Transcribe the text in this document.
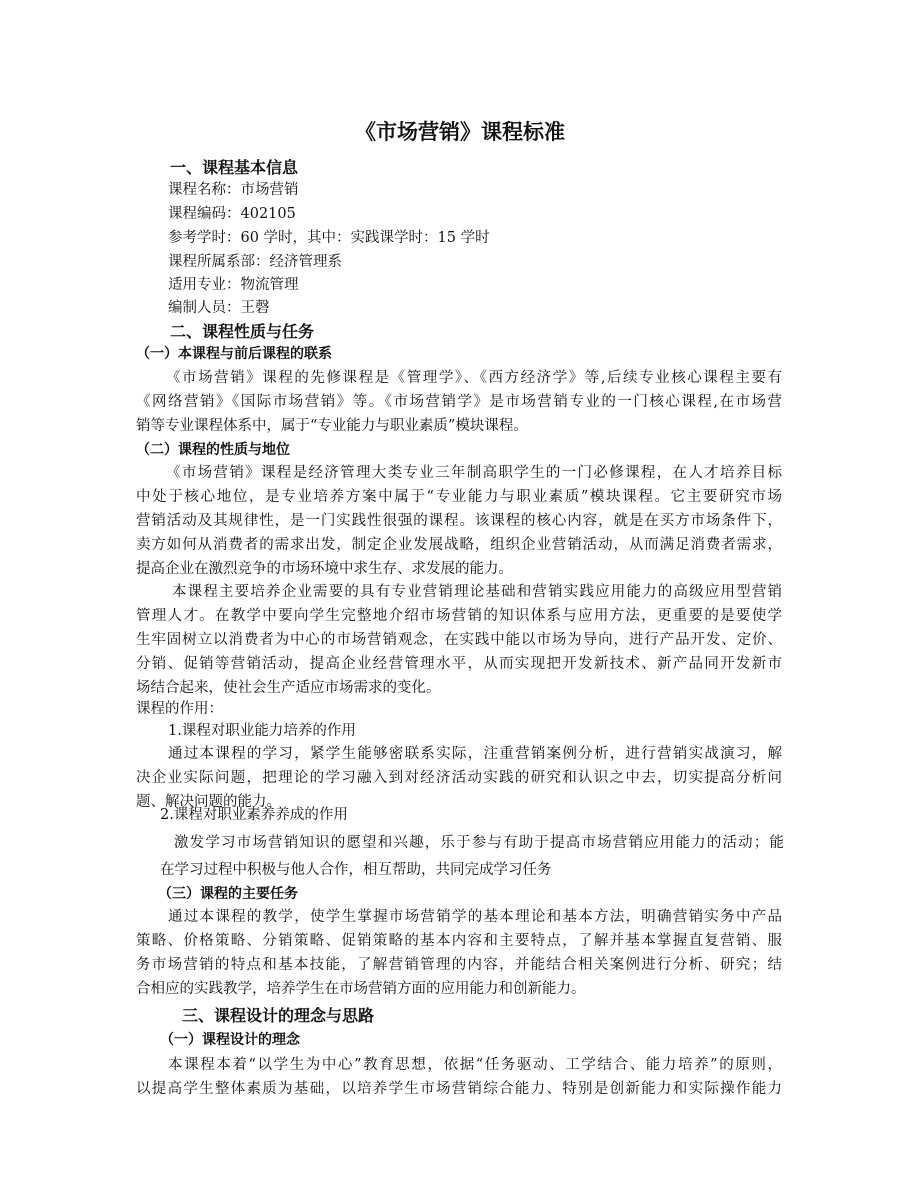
《市场营销》课程标准
一、课程基本信息
课程名称：市场营销
课程编码：402105
参考学时：60 学时，其中：实践课学时：15 学时
课程所属系部：经济管理系
适用专业：物流管理
编制人员：王磬
二、课程性质与任务
（一）本课程与前后课程的联系
《市场营销》课程的先修课程是《管理学》、《西方经济学》等,后续专业核心课程主要有
《网络营销》《国际市场营销》等。《市场营销学》是市场营销专业的一门核心课程,在市场营
销等专业课程体系中，属于“专业能力与职业素质”模块课程。
（二）课程的性质与地位
《市场营销》课程是经济管理大类专业三年制高职学生的一门必修课程，在人才培养目标
中处于核心地位，是专业培养方案中属于“专业能力与职业素质”模块课程。它主要研究市场
营销活动及其规律性，是一门实践性很强的课程。该课程的核心内容，就是在买方市场条件下，
卖方如何从消费者的需求出发，制定企业发展战略，组织企业营销活动，从而满足消费者需求，
提高企业在激烈竞争的市场环境中求生存、求发展的能力。
本课程主要培养企业需要的具有专业营销理论基础和营销实践应用能力的高级应用型营销
管理人才。在教学中要向学生完整地介绍市场营销的知识体系与应用方法，更重要的是要使学
生牢固树立以消费者为中心的市场营销观念，在实践中能以市场为导向，进行产品开发、定价、
分销、促销等营销活动，提高企业经营管理水平，从而实现把开发新技术、新产品同开发新市
场结合起来，使社会生产适应市场需求的变化。
课程的作用：
1.课程对职业能力培养的作用
通过本课程的学习，紧学生能够密联系实际，注重营销案例分析，进行营销实战演习，解
决企业实际问题，把理论的学习融入到对经济活动实践的研究和认识之中去，切实提高分析问
题、解决问题的能力。
2.课程对职业素养养成的作用
激发学习市场营销知识的愿望和兴趣，乐于参与有助于提高市场营销应用能力的活动；能
在学习过程中积极与他人合作，相互帮助，共同完成学习任务
（三）课程的主要任务
通过本课程的教学，使学生掌握市场营销学的基本理论和基本方法，明确营销实务中产品
策略、价格策略、分销策略、促销策略的基本内容和主要特点，了解并基本掌握直复营销、服
务市场营销的特点和基本技能，了解营销管理的内容，并能结合相关案例进行分析、研究；结
合相应的实践教学，培养学生在市场营销方面的应用能力和创新能力。
三、课程设计的理念与思路
（一）课程设计的理念
本课程本着“以学生为中心”教育思想，依据“任务驱动、工学结合、能力培养”的原则，
以提高学生整体素质为基础，以培养学生市场营销综合能力、特别是创新能力和实际操作能力
